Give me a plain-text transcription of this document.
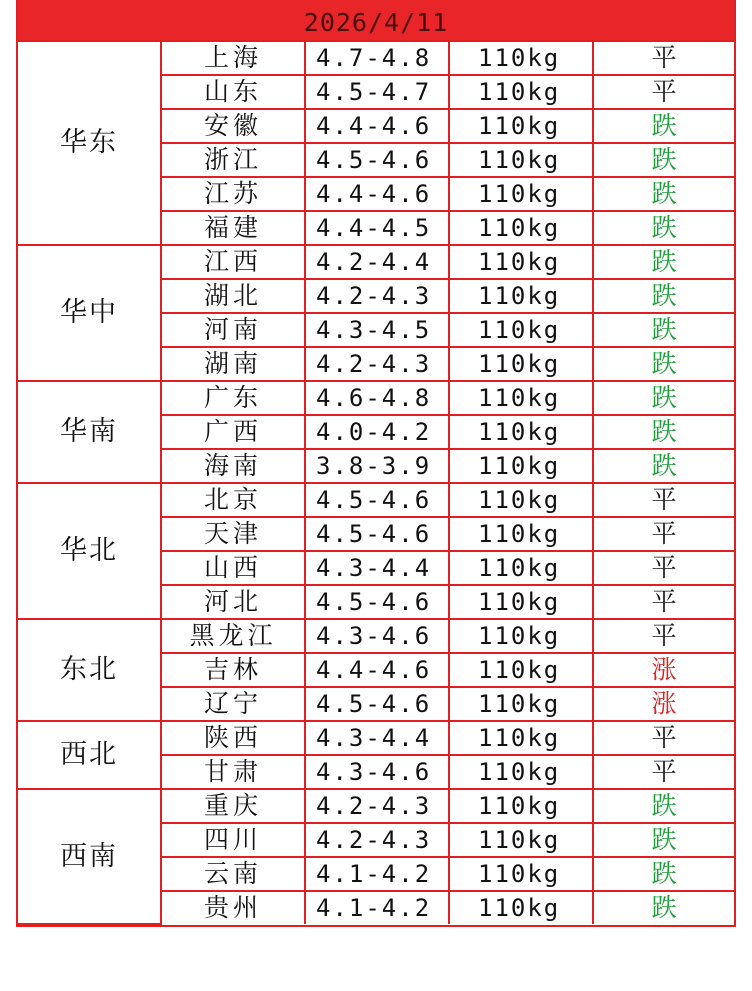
2026/4/11
华东	上海	4.7-4.8	110kg	平
	山东	4.5-4.7	110kg	平
	安徽	4.4-4.6	110kg	跌
	浙江	4.5-4.6	110kg	跌
	江苏	4.4-4.6	110kg	跌
	福建	4.4-4.5	110kg	跌
华中	江西	4.2-4.4	110kg	跌
	湖北	4.2-4.3	110kg	跌
	河南	4.3-4.5	110kg	跌
	湖南	4.2-4.3	110kg	跌
华南	广东	4.6-4.8	110kg	跌
	广西	4.0-4.2	110kg	跌
	海南	3.8-3.9	110kg	跌
华北	北京	4.5-4.6	110kg	平
	天津	4.5-4.6	110kg	平
	山西	4.3-4.4	110kg	平
	河北	4.5-4.6	110kg	平
东北	黑龙江	4.3-4.6	110kg	平
	吉林	4.4-4.6	110kg	涨
	辽宁	4.5-4.6	110kg	涨
西北	陕西	4.3-4.4	110kg	平
	甘肃	4.3-4.6	110kg	平
西南	重庆	4.2-4.3	110kg	跌
	四川	4.2-4.3	110kg	跌
	云南	4.1-4.2	110kg	跌
	贵州	4.1-4.2	110kg	跌
